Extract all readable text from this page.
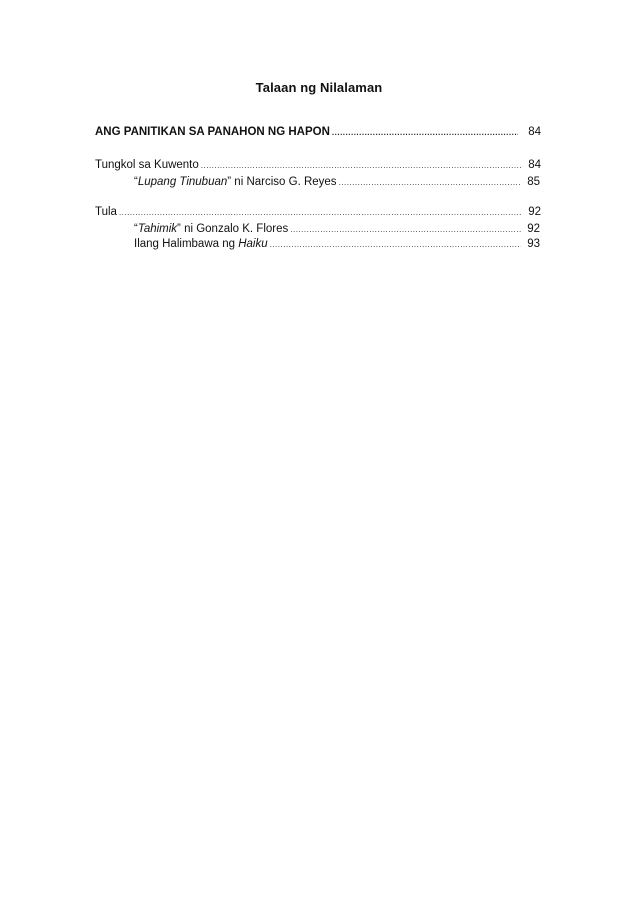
Talaan ng Nilalaman
ANG PANITIKAN SA PANAHON NG HAPON .....	84
Tungkol sa Kuwento .....	84
“Lupang Tinubuan” ni Narciso G. Reyes .....	85
Tula .....	92
“Tahimik” ni Gonzalo K. Flores .....	92
Ilang Halimbawa ng Haiku .....	93
